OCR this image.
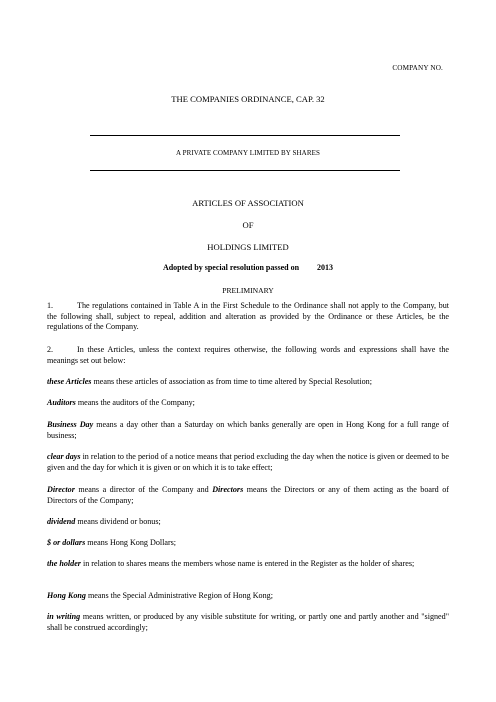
COMPANY NO.
THE COMPANIES ORDINANCE, CAP. 32
A PRIVATE COMPANY LIMITED BY SHARES
ARTICLES OF ASSOCIATION
OF
HOLDINGS LIMITED
Adopted by special resolution passed on 2013
PRELIMINARY
1.	The regulations contained in Table A in the First Schedule to the Ordinance shall not apply to the Company, but the following shall, subject to repeal, addition and alteration as provided by the Ordinance or these Articles, be the regulations of the Company.
2.	In these Articles, unless the context requires otherwise, the following words and expressions shall have the meanings set out below:
these Articles means these articles of association as from time to time altered by Special Resolution;
Auditors means the auditors of the Company;
Business Day means a day other than a Saturday on which banks generally are open in Hong Kong for a full range of business;
clear days in relation to the period of a notice means that period excluding the day when the notice is given or deemed to be given and the day for which it is given or on which it is to take effect;
Director means a director of the Company and Directors means the Directors or any of them acting as the board of Directors of the Company;
dividend means dividend or bonus;
$ or dollars means Hong Kong Dollars;
the holder in relation to shares means the members whose name is entered in the Register as the holder of shares;
Hong Kong means the Special Administrative Region of Hong Kong;
in writing means written, or produced by any visible substitute for writing, or partly one and partly another and "signed" shall be construed accordingly;
